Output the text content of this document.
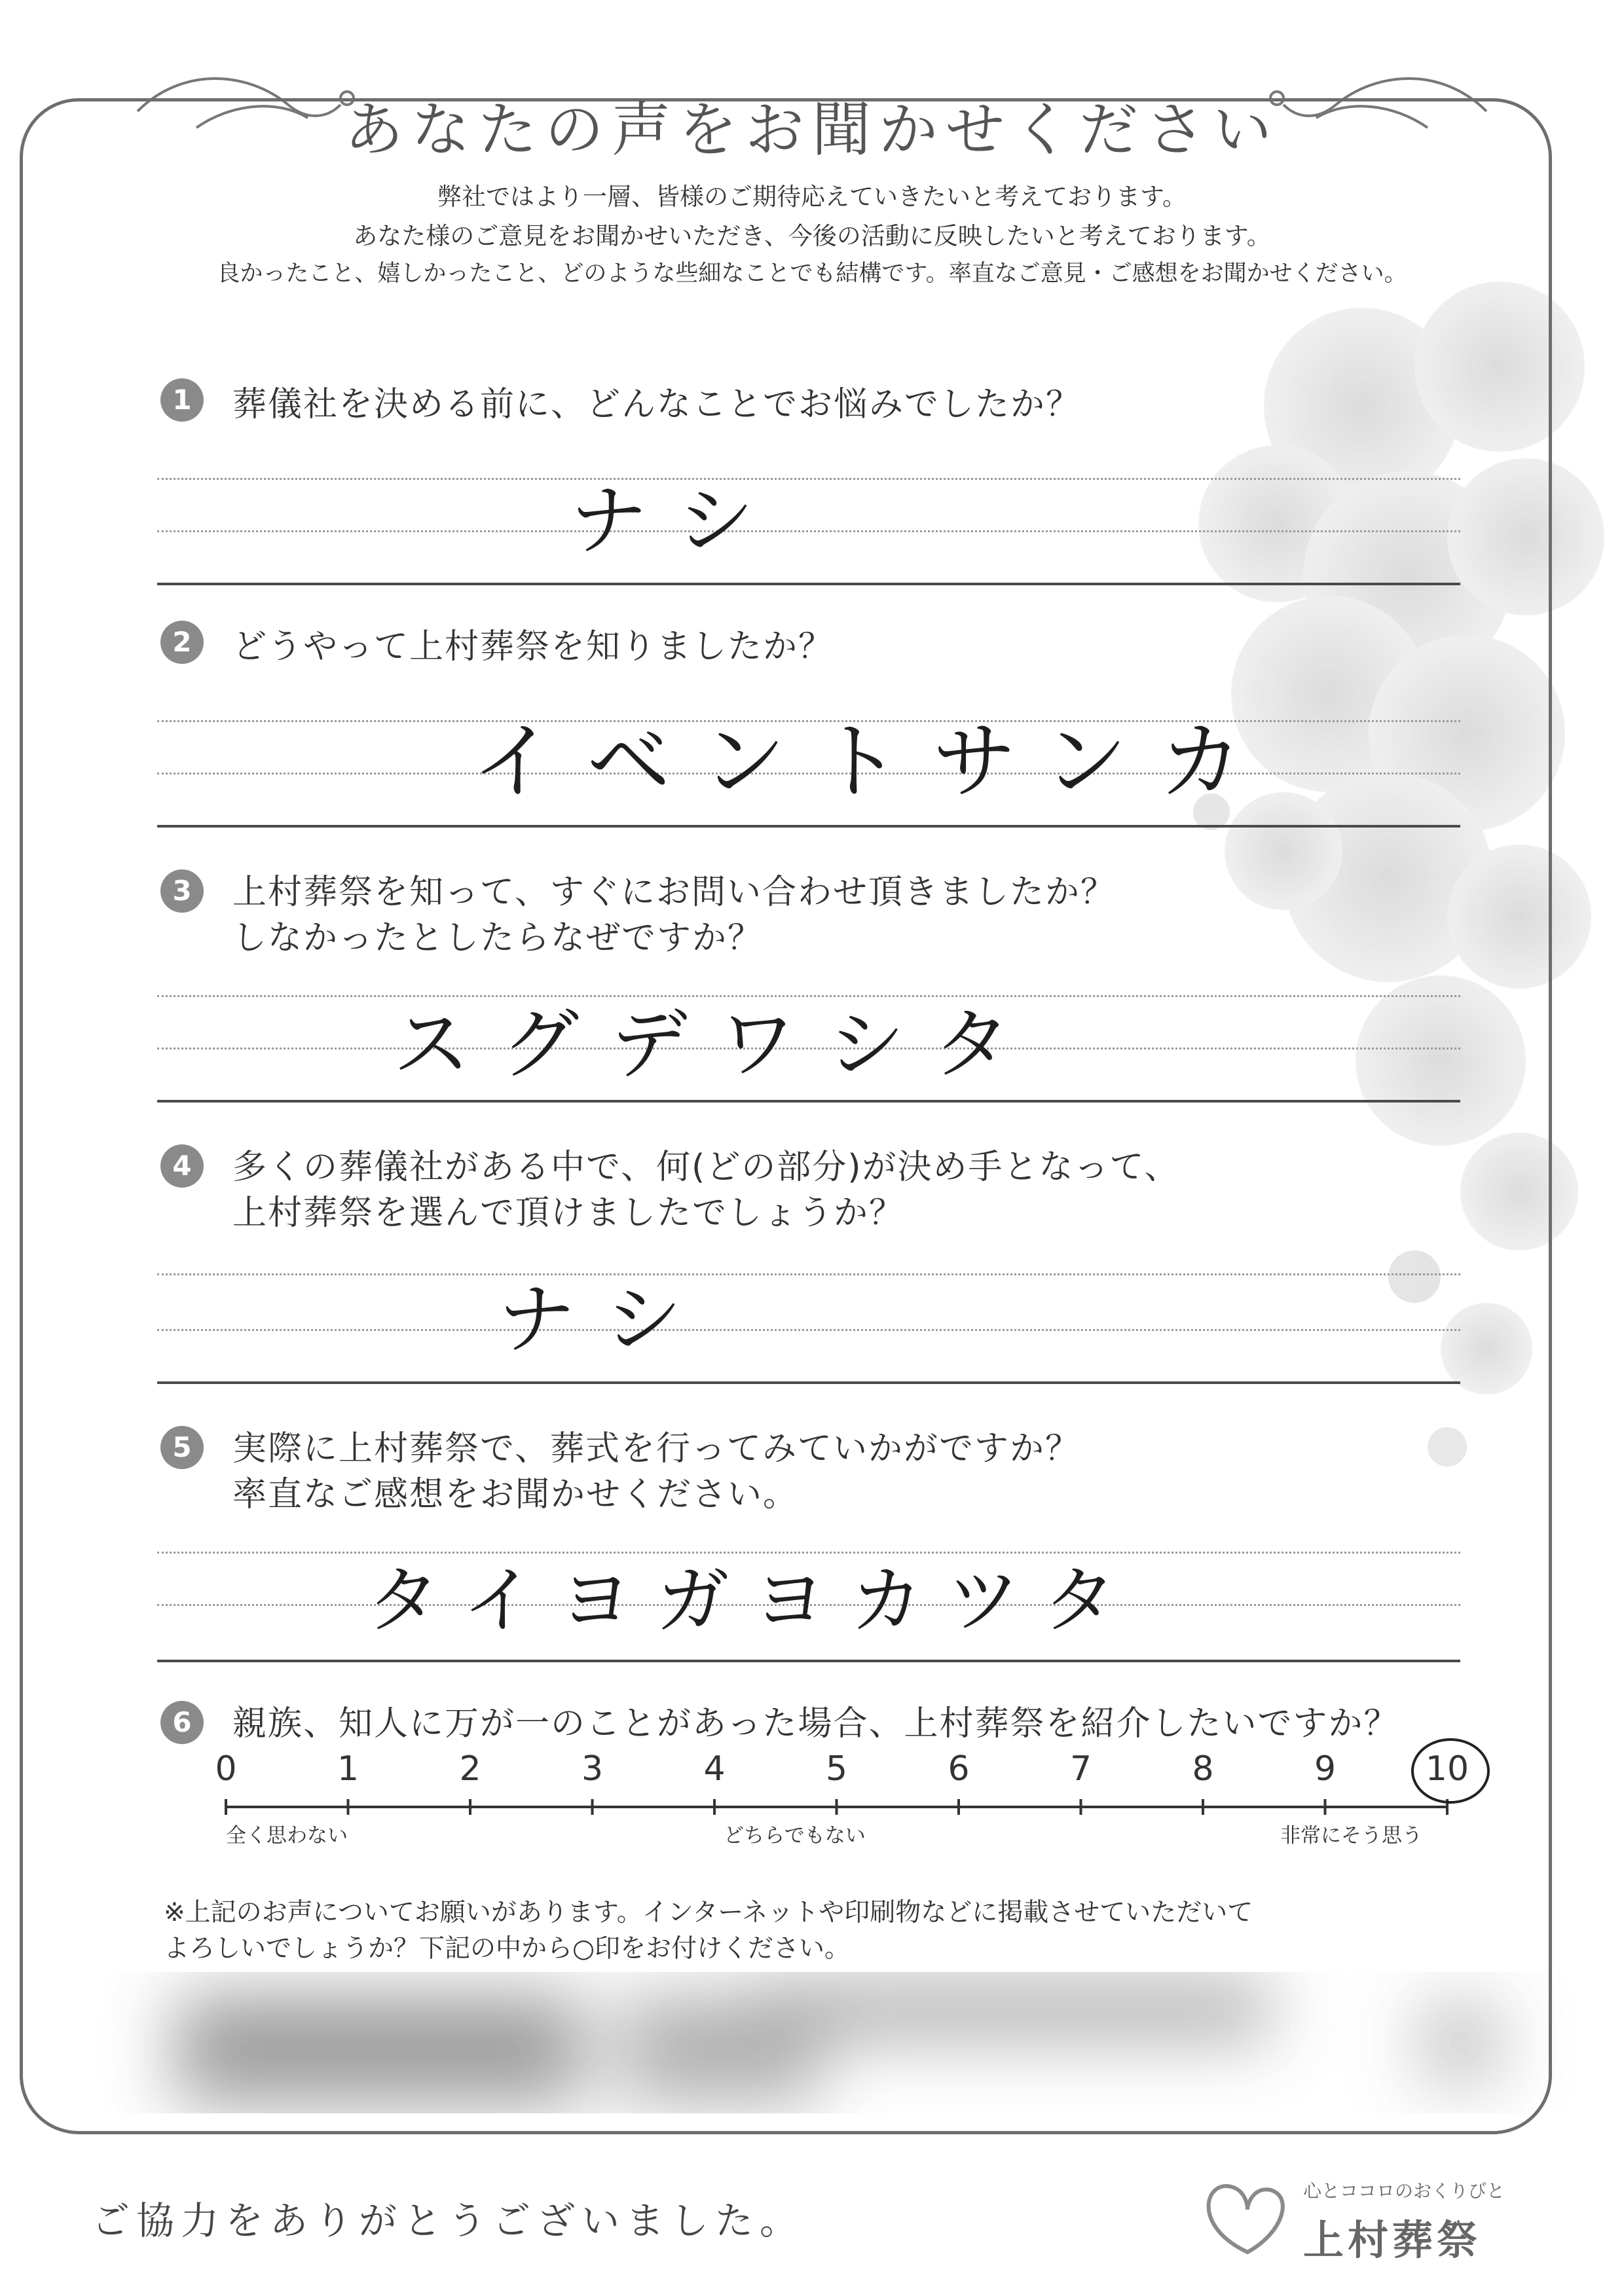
あなたの声をお聞かせください
弊社ではより一層、皆様のご期待応えていきたいと考えております。
あなた様のご意見をお聞かせいただき、今後の活動に反映したいと考えております。
良かったこと、嬉しかったこと、どのような些細なことでも結構です。率直なご意見・ご感想をお聞かせください。
1	葬儀社を決める前に、どんなことでお悩みでしたか？
ナシ
2	どうやって上村葬祭を知りましたか？
イベントサンカ
3	上村葬祭を知って、すぐにお問い合わせ頂きましたか？
しなかったとしたらなぜですか？
スグデワシタ
4	多くの葬儀社がある中で、何(どの部分)が決め手となって、
上村葬祭を選んで頂けましたでしょうか？
ナシ
5	実際に上村葬祭で、葬式を行ってみていかがですか？
率直なご感想をお聞かせください。
タイヨガヨカツタ
6	親族、知人に万が一のことがあった場合、上村葬祭を紹介したいですか？
0	1	2	3	4	5	6	7	8	9	10
全く思わない	どちらでもない	非常にそう思う
※上記のお声についてお願いがあります。インターネットや印刷物などに掲載させていただいて
よろしいでしょうか？下記の中から○印をお付けください。
ご協力をありがとうございました。
心とココロのおくりびと
上村葬祭
